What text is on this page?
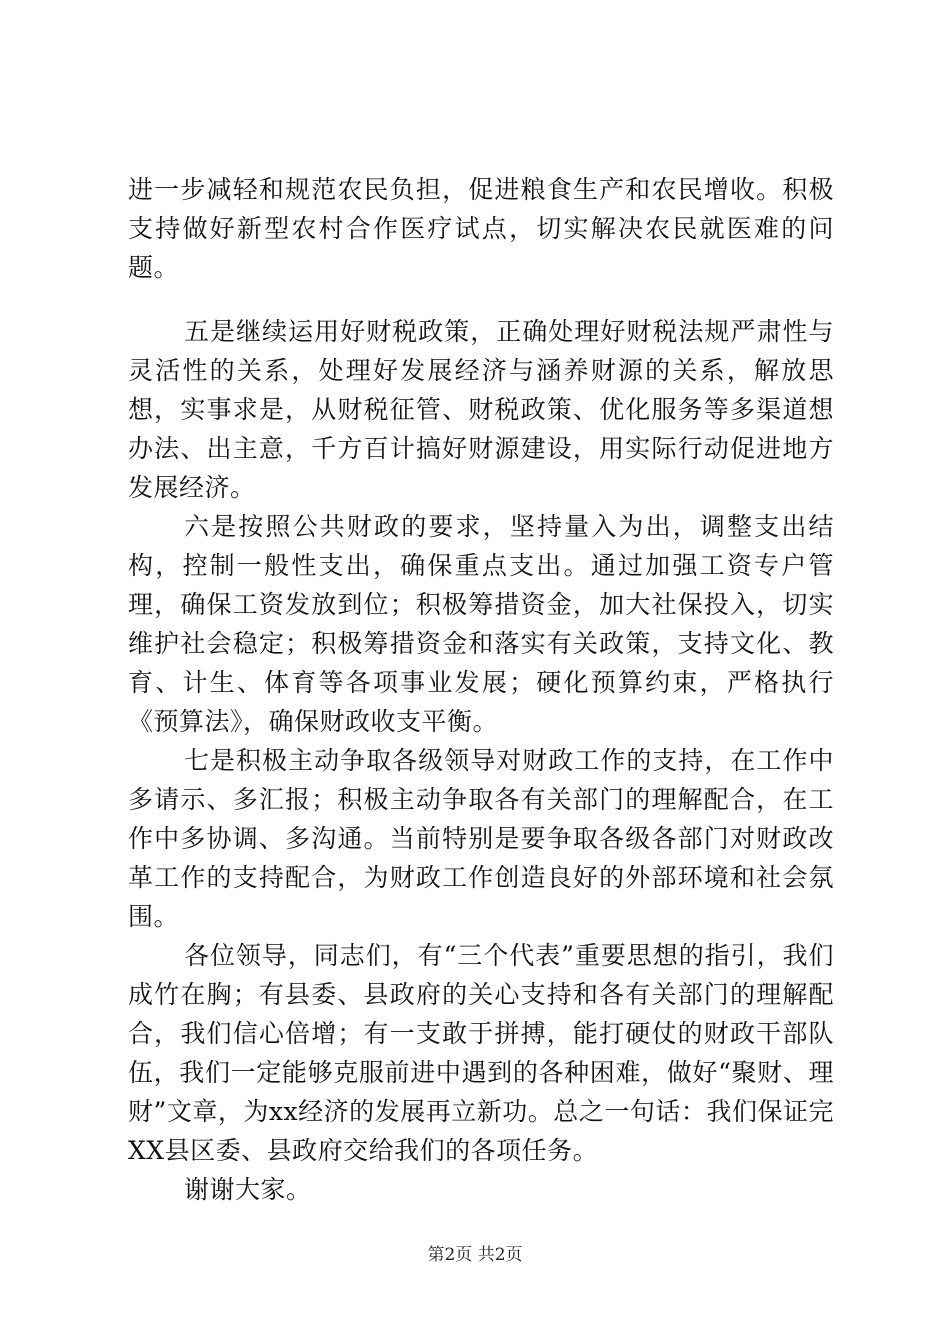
进一步减轻和规范农民负担，促进粮食生产和农民增收。积极支持做好新型农村合作医疗试点，切实解决农民就医难的问题。

五是继续运用好财税政策，正确处理好财税法规严肃性与灵活性的关系，处理好发展经济与涵养财源的关系，解放思想，实事求是，从财税征管、财税政策、优化服务等多渠道想办法、出主意，千方百计搞好财源建设，用实际行动促进地方发展经济。

六是按照公共财政的要求，坚持量入为出，调整支出结构，控制一般性支出，确保重点支出。通过加强工资专户管理，确保工资发放到位；积极筹措资金，加大社保投入，切实维护社会稳定；积极筹措资金和落实有关政策，支持文化、教育、计生、体育等各项事业发展；硬化预算约束，严格执行《预算法》，确保财政收支平衡。

七是积极主动争取各级领导对财政工作的支持，在工作中多请示、多汇报；积极主动争取各有关部门的理解配合，在工作中多协调、多沟通。当前特别是要争取各级各部门对财政改革工作的支持配合，为财政工作创造良好的外部环境和社会氛围。

各位领导，同志们，有“三个代表”重要思想的指引，我们成竹在胸；有县委、县政府的关心支持和各有关部门的理解配合，我们信心倍增；有一支敢于拼搏，能打硬仗的财政干部队伍，我们一定能够克服前进中遇到的各种困难，做好“聚财、理财”文章，为xx经济的发展再立新功。总之一句话：我们保证完XX县区委、县政府交给我们的各项任务。

谢谢大家。

第2页 共2页
